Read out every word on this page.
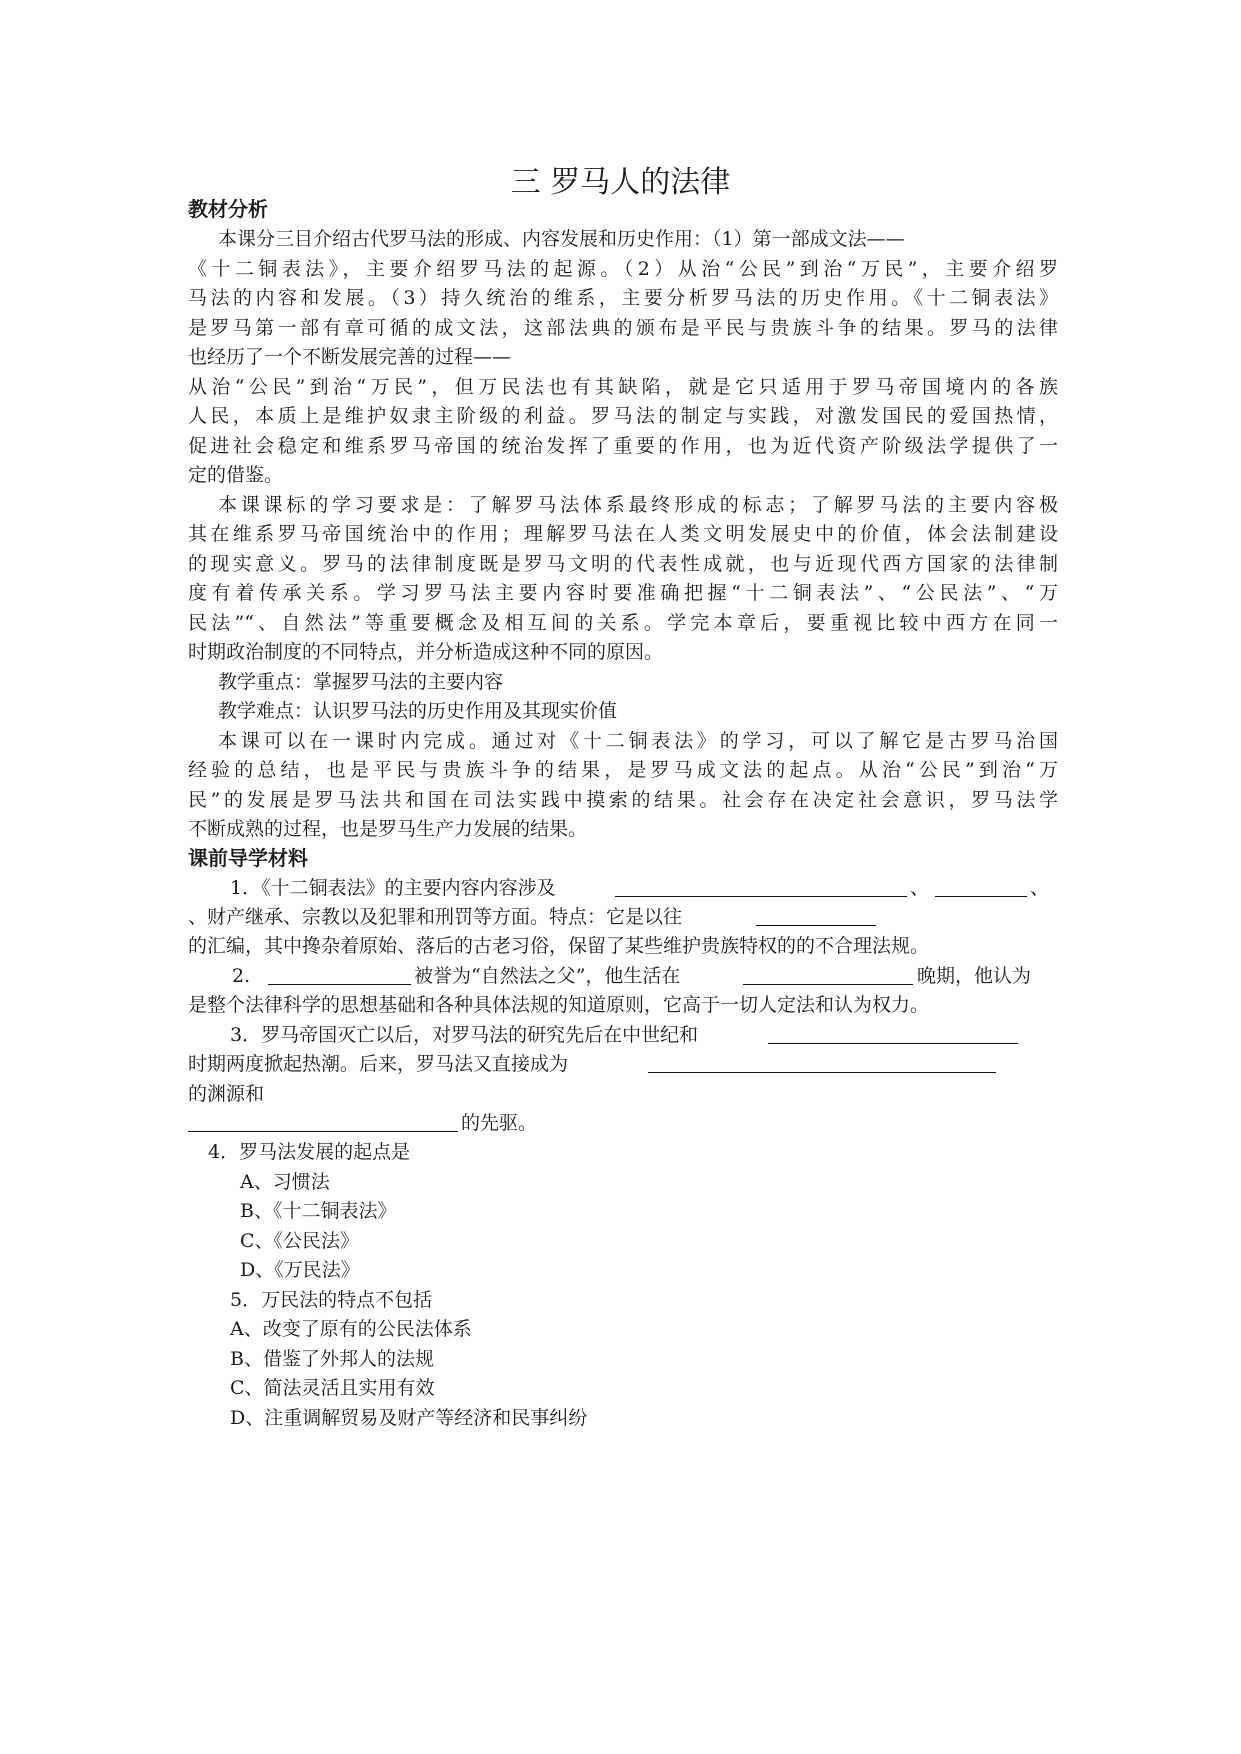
三 罗马人的法律
教材分析
本课分三目介绍古代罗马法的形成、内容发展和历史作用：（1）第一部成文法——
《十二铜表法》，主要介绍罗马法的起源。（2）从治“公民”到治“万民”，主要介绍罗
马法的内容和发展。（3）持久统治的维系，主要分析罗马法的历史作用。《十二铜表法》
是罗马第一部有章可循的成文法，这部法典的颁布是平民与贵族斗争的结果。罗马的法律
也经历了一个不断发展完善的过程——
从治“公民”到治“万民”，但万民法也有其缺陷，就是它只适用于罗马帝国境内的各族
人民，本质上是维护奴隶主阶级的利益。罗马法的制定与实践，对激发国民的爱国热情，
促进社会稳定和维系罗马帝国的统治发挥了重要的作用，也为近代资产阶级法学提供了一
定的借鉴。
本课课标的学习要求是：了解罗马法体系最终形成的标志；了解罗马法的主要内容极
其在维系罗马帝国统治中的作用；理解罗马法在人类文明发展史中的价值，体会法制建设
的现实意义。罗马的法律制度既是罗马文明的代表性成就，也与近现代西方国家的法律制
度有着传承关系。学习罗马法主要内容时要准确把握“十二铜表法”、“公民法”、“万
民法”“、自然法”等重要概念及相互间的关系。学完本章后，要重视比较中西方在同一
时期政治制度的不同特点，并分析造成这种不同的原因。
教学重点：掌握罗马法的主要内容
教学难点：认识罗马法的历史作用及其现实价值
本课可以在一课时内完成。通过对《十二铜表法》的学习，可以了解它是古罗马治国
经验的总结，也是平民与贵族斗争的结果，是罗马成文法的起点。从治“公民”到治“万
民”的发展是罗马法共和国在司法实践中摸索的结果。社会存在决定社会意识，罗马法学
不断成熟的过程，也是罗马生产力发展的结果。
课前导学材料
1．《十二铜表法》的主要内容内容涉及	、	、
、财产继承、宗教以及犯罪和刑罚等方面。特点：它是以往
的汇编，其中搀杂着原始、落后的古老习俗，保留了某些维护贵族特权的的不合理法规。
2.	被誉为“自然法之父”，他生活在	晚期，他认为
是整个法律科学的思想基础和各种具体法规的知道原则，它高于一切人定法和认为权力。
3．罗马帝国灭亡以后，对罗马法的研究先后在中世纪和
时期两度掀起热潮。后来，罗马法又直接成为
的渊源和
的先驱。
4．罗马法发展的起点是
A、习惯法
B、《十二铜表法》
C、《公民法》
D、《万民法》
5．万民法的特点不包括
A、改变了原有的公民法体系
B、借鉴了外邦人的法规
C、简法灵活且实用有效
D、注重调解贸易及财产等经济和民事纠纷
